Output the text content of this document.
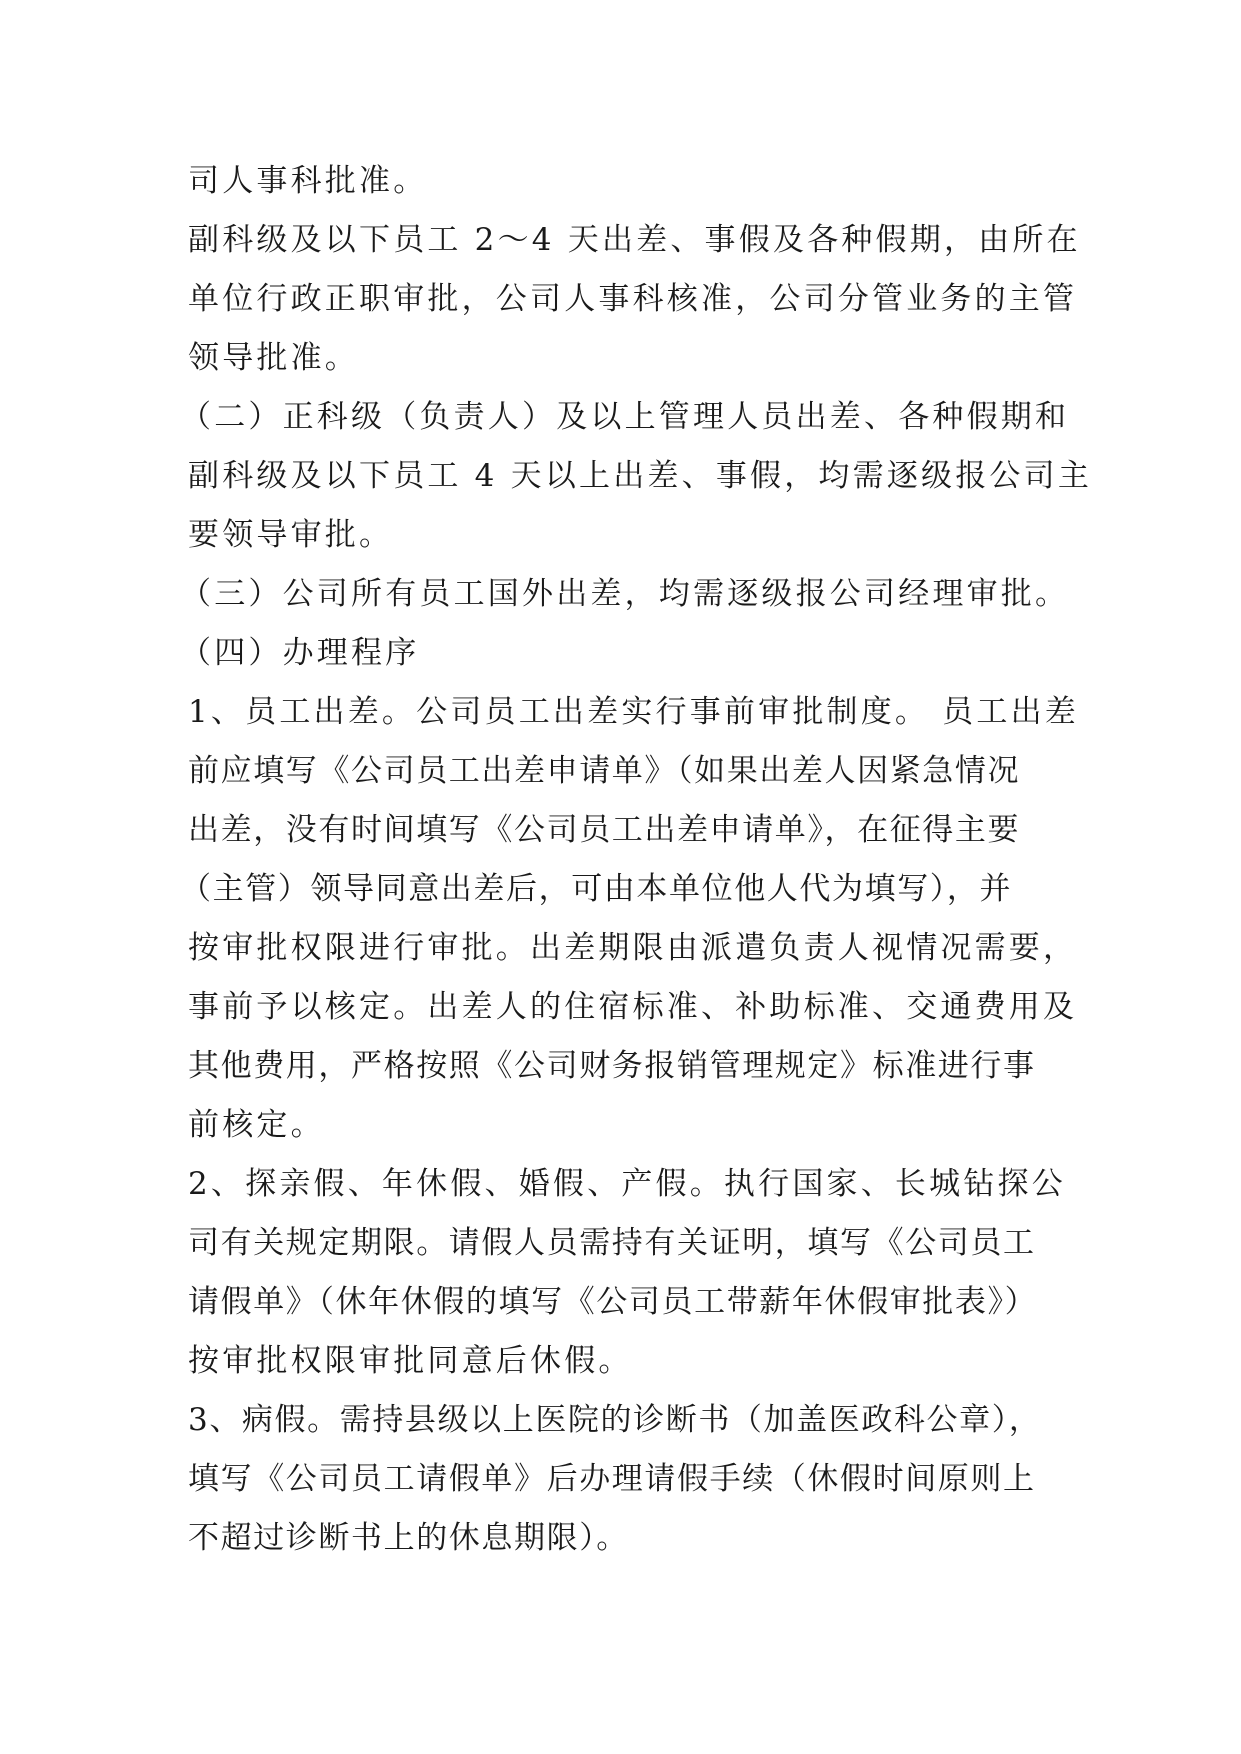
司人事科批准。
副科级及以下员工 2～4 天出差、事假及各种假期，由所在
单位行政正职审批，公司人事科核准，公司分管业务的主管
领导批准。
（二）正科级（负责人）及以上管理人员出差、各种假期和
副科级及以下员工 4 天以上出差、事假，均需逐级报公司主
要领导审批。
（三）公司所有员工国外出差，均需逐级报公司经理审批。
（四）办理程序
1、员工出差。公司员工出差实行事前审批制度。 员工出差
前应填写《公司员工出差申请单》（如果出差人因紧急情况
出差，没有时间填写《公司员工出差申请单》，在征得主要
（主管）领导同意出差后，可由本单位他人代为填写），并
按审批权限进行审批。出差期限由派遣负责人视情况需要，
事前予以核定。出差人的住宿标准、补助标准、交通费用及
其他费用，严格按照《公司财务报销管理规定》标准进行事
前核定。
2、探亲假、年休假、婚假、产假。执行国家、长城钻探公
司有关规定期限。请假人员需持有关证明，填写《公司员工
请假单》（休年休假的填写《公司员工带薪年休假审批表》）
按审批权限审批同意后休假。
3、病假。需持县级以上医院的诊断书（加盖医政科公章），
填写《公司员工请假单》后办理请假手续（休假时间原则上
不超过诊断书上的休息期限）。
